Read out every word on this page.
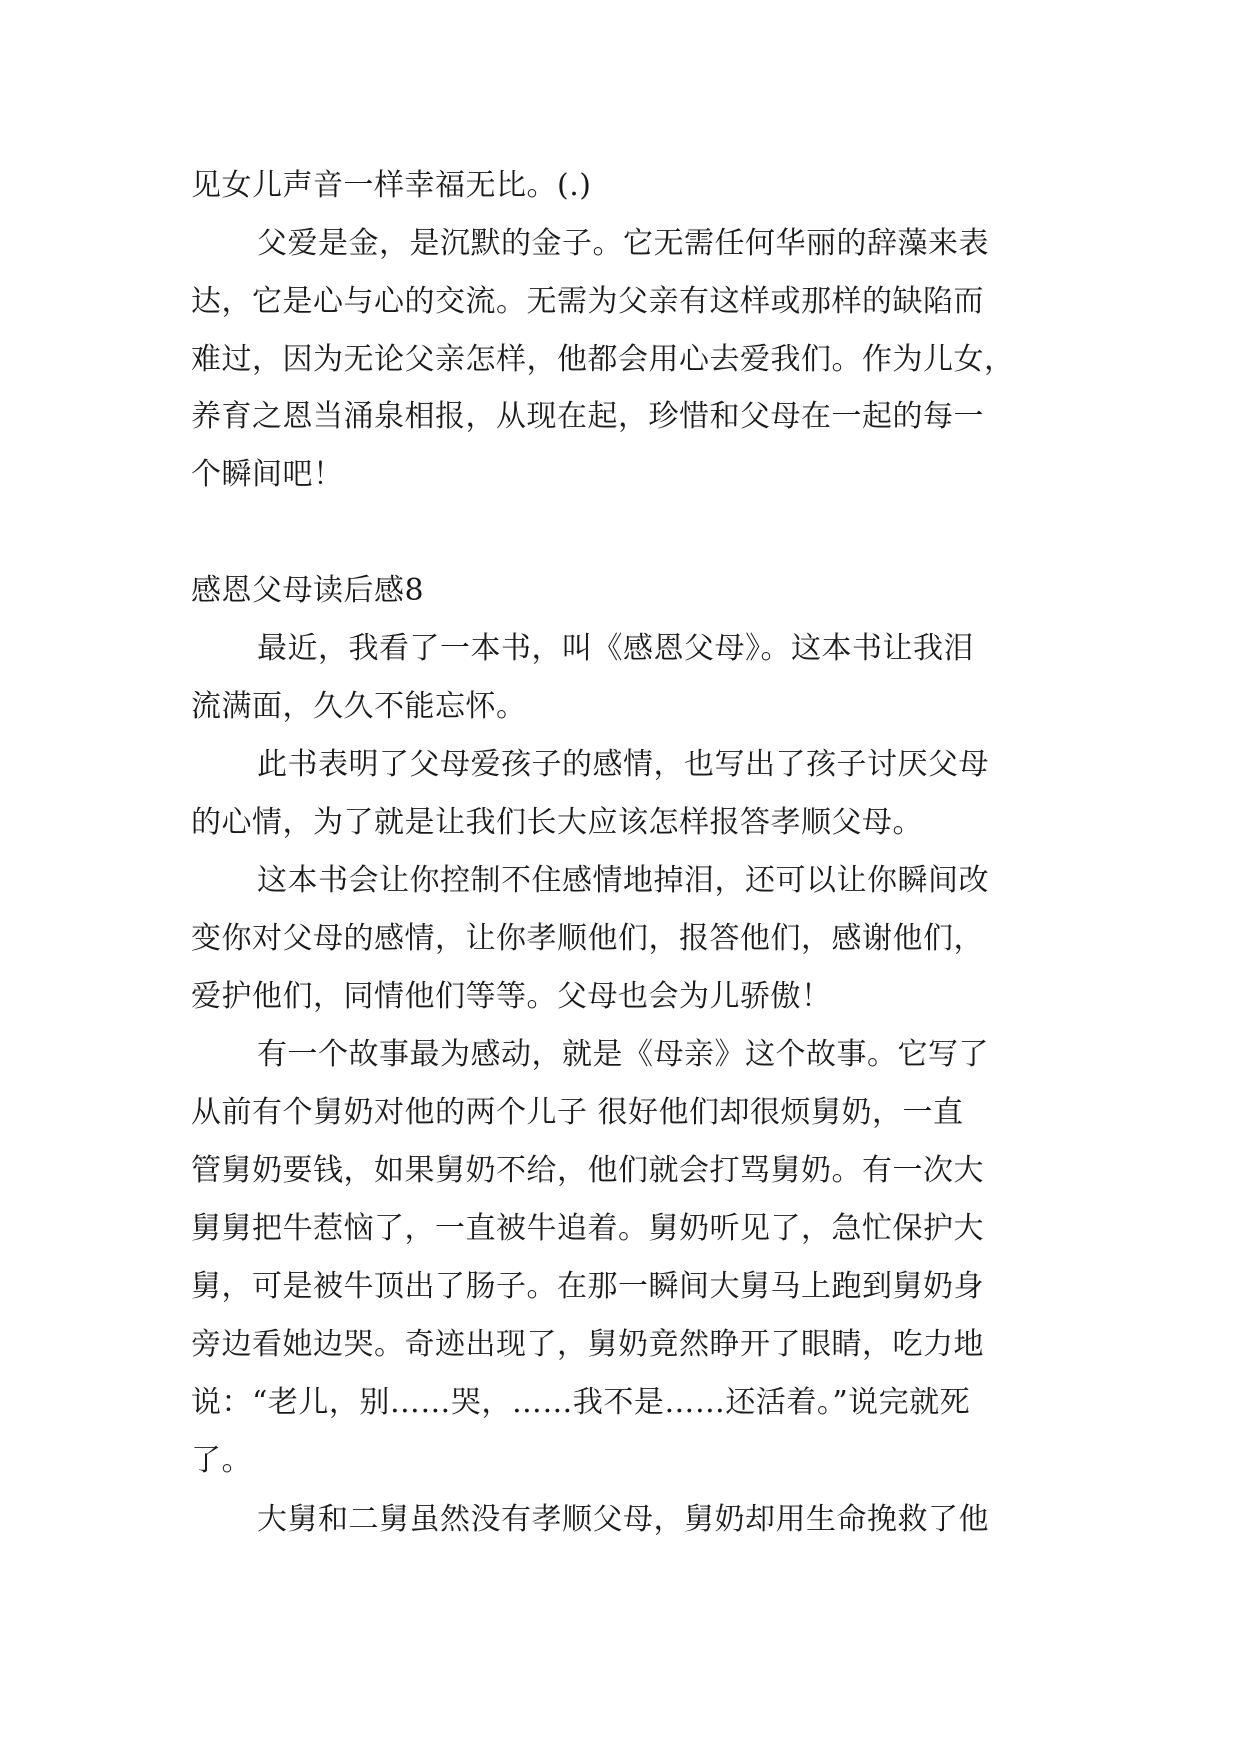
见女儿声音一样幸福无比。(.)
父爱是金，是沉默的金子。它无需任何华丽的辞藻来表
达，它是心与心的交流。无需为父亲有这样或那样的缺陷而
难过，因为无论父亲怎样，他都会用心去爱我们。作为儿女，
养育之恩当涌泉相报，从现在起，珍惜和父母在一起的每一
个瞬间吧！
感恩父母读后感8
最近，我看了一本书，叫《感恩父母》。这本书让我泪
流满面，久久不能忘怀。
此书表明了父母爱孩子的感情，也写出了孩子讨厌父母
的心情，为了就是让我们长大应该怎样报答孝顺父母。
这本书会让你控制不住感情地掉泪，还可以让你瞬间改
变你对父母的感情，让你孝顺他们，报答他们，感谢他们，
爱护他们，同情他们等等。父母也会为儿骄傲！
有一个故事最为感动，就是《母亲》这个故事。它写了
从前有个舅奶对他的两个儿子 很好他们却很烦舅奶，一直
管舅奶要钱，如果舅奶不给，他们就会打骂舅奶。有一次大
舅舅把牛惹恼了，一直被牛追着。舅奶听见了，急忙保护大
舅，可是被牛顶出了肠子。在那一瞬间大舅马上跑到舅奶身
旁边看她边哭。奇迹出现了，舅奶竟然睁开了眼睛，吃力地
说：“老儿，别……哭，……我不是……还活着。”说完就死
了。
大舅和二舅虽然没有孝顺父母，舅奶却用生命挽救了他
